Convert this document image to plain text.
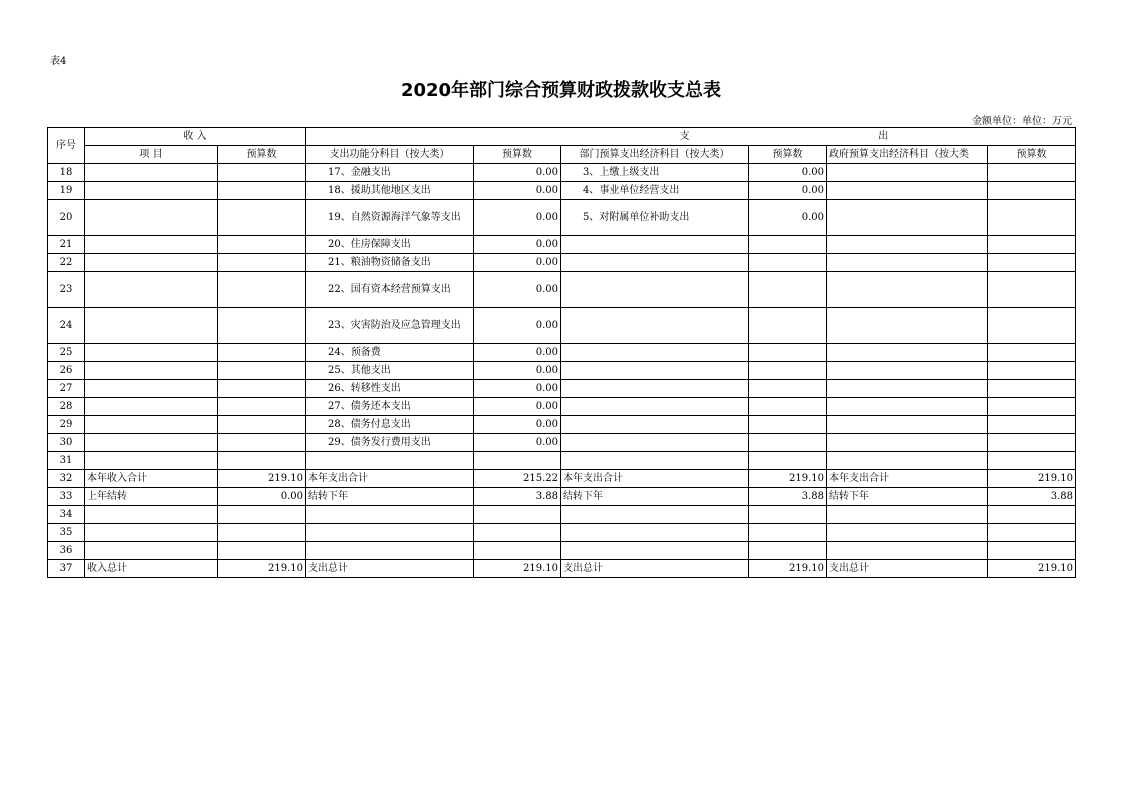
表4
2020年部门综合预算财政拨款收支总表
金额单位：单位：万元
序号	收 入		支 出					

	项 目	预算数	支出功能分科目（按大类）	预算数	部门预算支出经济科目（按大类）	预算数	政府预算支出经济科目（按大类	预算数
18			17、金融支出	0.00	3、上缴上级支出	0.00		
19			18、援助其他地区支出	0.00	4、事业单位经营支出	0.00		
20			19、自然资源海洋气象等支出	0.00	5、对附属单位补助支出	0.00		
21			20、住房保障支出	0.00				
22			21、粮油物资储备支出	0.00				
23			22、国有资本经营预算支出	0.00				
24			23、灾害防治及应急管理支出	0.00				
25			24、预备费	0.00				
26			25、其他支出	0.00				
27			26、转移性支出	0.00				
28			27、债务还本支出	0.00				
29			28、债务付息支出	0.00				
30			29、债务发行费用支出	0.00				
31								
32	本年收入合计	219.10	本年支出合计	215.22	本年支出合计	219.10	本年支出合计	219.10
33	上年结转	0.00	结转下年	3.88	结转下年	3.88	结转下年	3.88
34								
35								
36								
37	收入总计	219.10	支出总计	219.10	支出总计	219.10	支出总计	219.10
